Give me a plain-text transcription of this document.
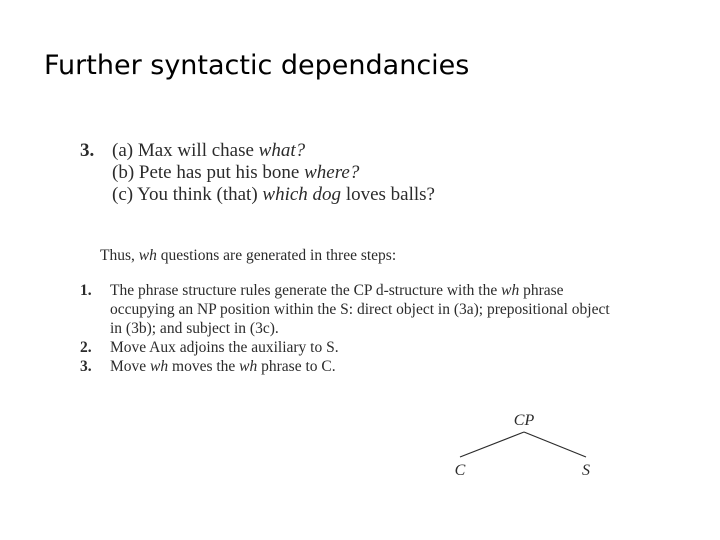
Further syntactic dependancies
3. (a) Max will chase what?
(b) Pete has put his bone where?
(c) You think (that) which dog loves balls?
Thus, wh questions are generated in three steps:
1. The phrase structure rules generate the CP d-structure with the wh phrase occupying an NP position within the S: direct object in (3a); prepositional object in (3b); and subject in (3c).
2. Move Aux adjoins the auxiliary to S.
3. Move wh moves the wh phrase to C.
CP
C	S
